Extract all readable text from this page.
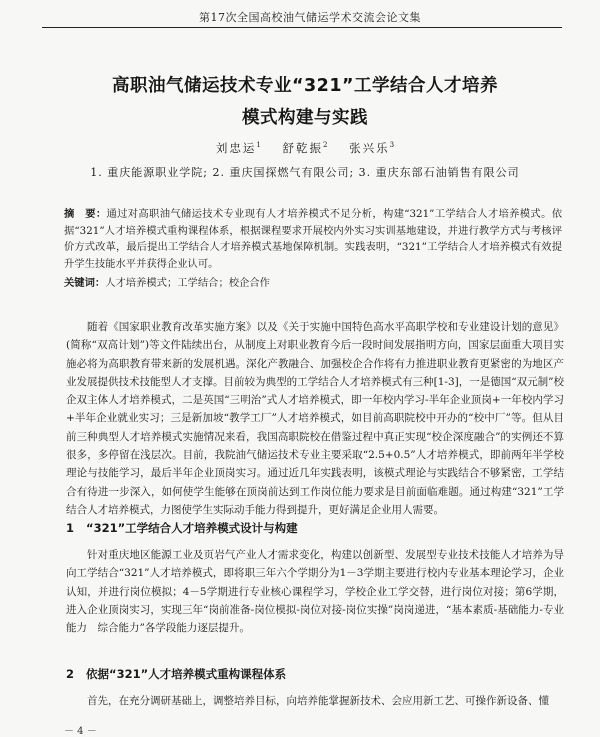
第17次全国高校油气储运学术交流会论文集
高职油气储运技术专业“321”工学结合人才培养
模式构建与实践
刘忠运$^1$ 舒乾振$^2$ 张兴乐$^3$
1. 重庆能源职业学院; 2. 重庆国探燃气有限公司; 3. 重庆东部石油销售有限公司
摘　要：通过对高职油气储运技术专业现有人才培养模式不足分析，构建“321”工学结合人才培养模式。依据“321”人才培养模式重构课程体系，根据课程要求开展校内外实习实训基地建设，并进行教学方式与考核评价方式改革，最后提出工学结合人才培养模式基地保障机制。实践表明，“321”工学结合人才培养模式有效提升学生技能水平并获得企业认可。
关键词：人才培养模式；工学结合；校企合作
随着《国家职业教育改革实施方案》以及《关于实施中国特色高水平高职学校和专业建设计划的意见》(简称“双高计划”)等文件陆续出台，从制度上对职业教育今后一段时间发展指明方向，国家层面重大项目实施必将为高职教育带来新的发展机遇。深化产教融合、加强校企合作将有力推进职业教育更紧密的为地区产业发展提供技术技能型人才支撑。目前较为典型的工学结合人才培养模式有三种[1-3]，一是德国“双元制”校企双主体人才培养模式，二是英国“三明治”式人才培养模式，即一年校内学习-半年企业顶岗+一年校内学习+半年企业就业实习；三是新加坡“教学工厂”人才培养模式，如目前高职院校中开办的“校中厂”等。但从目前三种典型人才培养模式实施情况来看，我国高职院校在借鉴过程中真正实现“校企深度融合”的实例还不算很多，多停留在浅层次。目前，我院油气储运技术专业主要采取“2.5+0.5”人才培养模式，即前两年半学校理论与技能学习，最后半年企业顶岗实习。通过近几年实践表明，该模式理论与实践结合不够紧密，工学结合有待进一步深入，如何使学生能够在顶岗前达到工作岗位能力要求是目前面临难题。通过构建“321”工学结合人才培养模式，力图使学生实际动手能力得到提升，更好满足企业用人需要。
1 “321”工学结合人才培养模式设计与构建
针对重庆地区能源工业及页岩气产业人才需求变化，构建以创新型、发展型专业技术技能人才培养为导向工学结合“321”人才培养模式，即将职三年六个学期分为1－3学期主要进行校内专业基本理论学习，企业认知，并进行岗位模拟；4－5学期进行专业核心课程学习，学校企业工学交替，进行岗位对接；第6学期，进入企业顶岗实习，实现三年“岗前准备-岗位模拟-岗位对接-岗位实操”岗岗递进，“基本素质-基础能力-专业能力　综合能力”各学段能力逐层提升。
2 依据“321”人才培养模式重构课程体系
首先，在充分调研基础上，调整培养目标，向培养能掌握新技术、会应用新工艺、可操作新设备、懂
－ 4 －
